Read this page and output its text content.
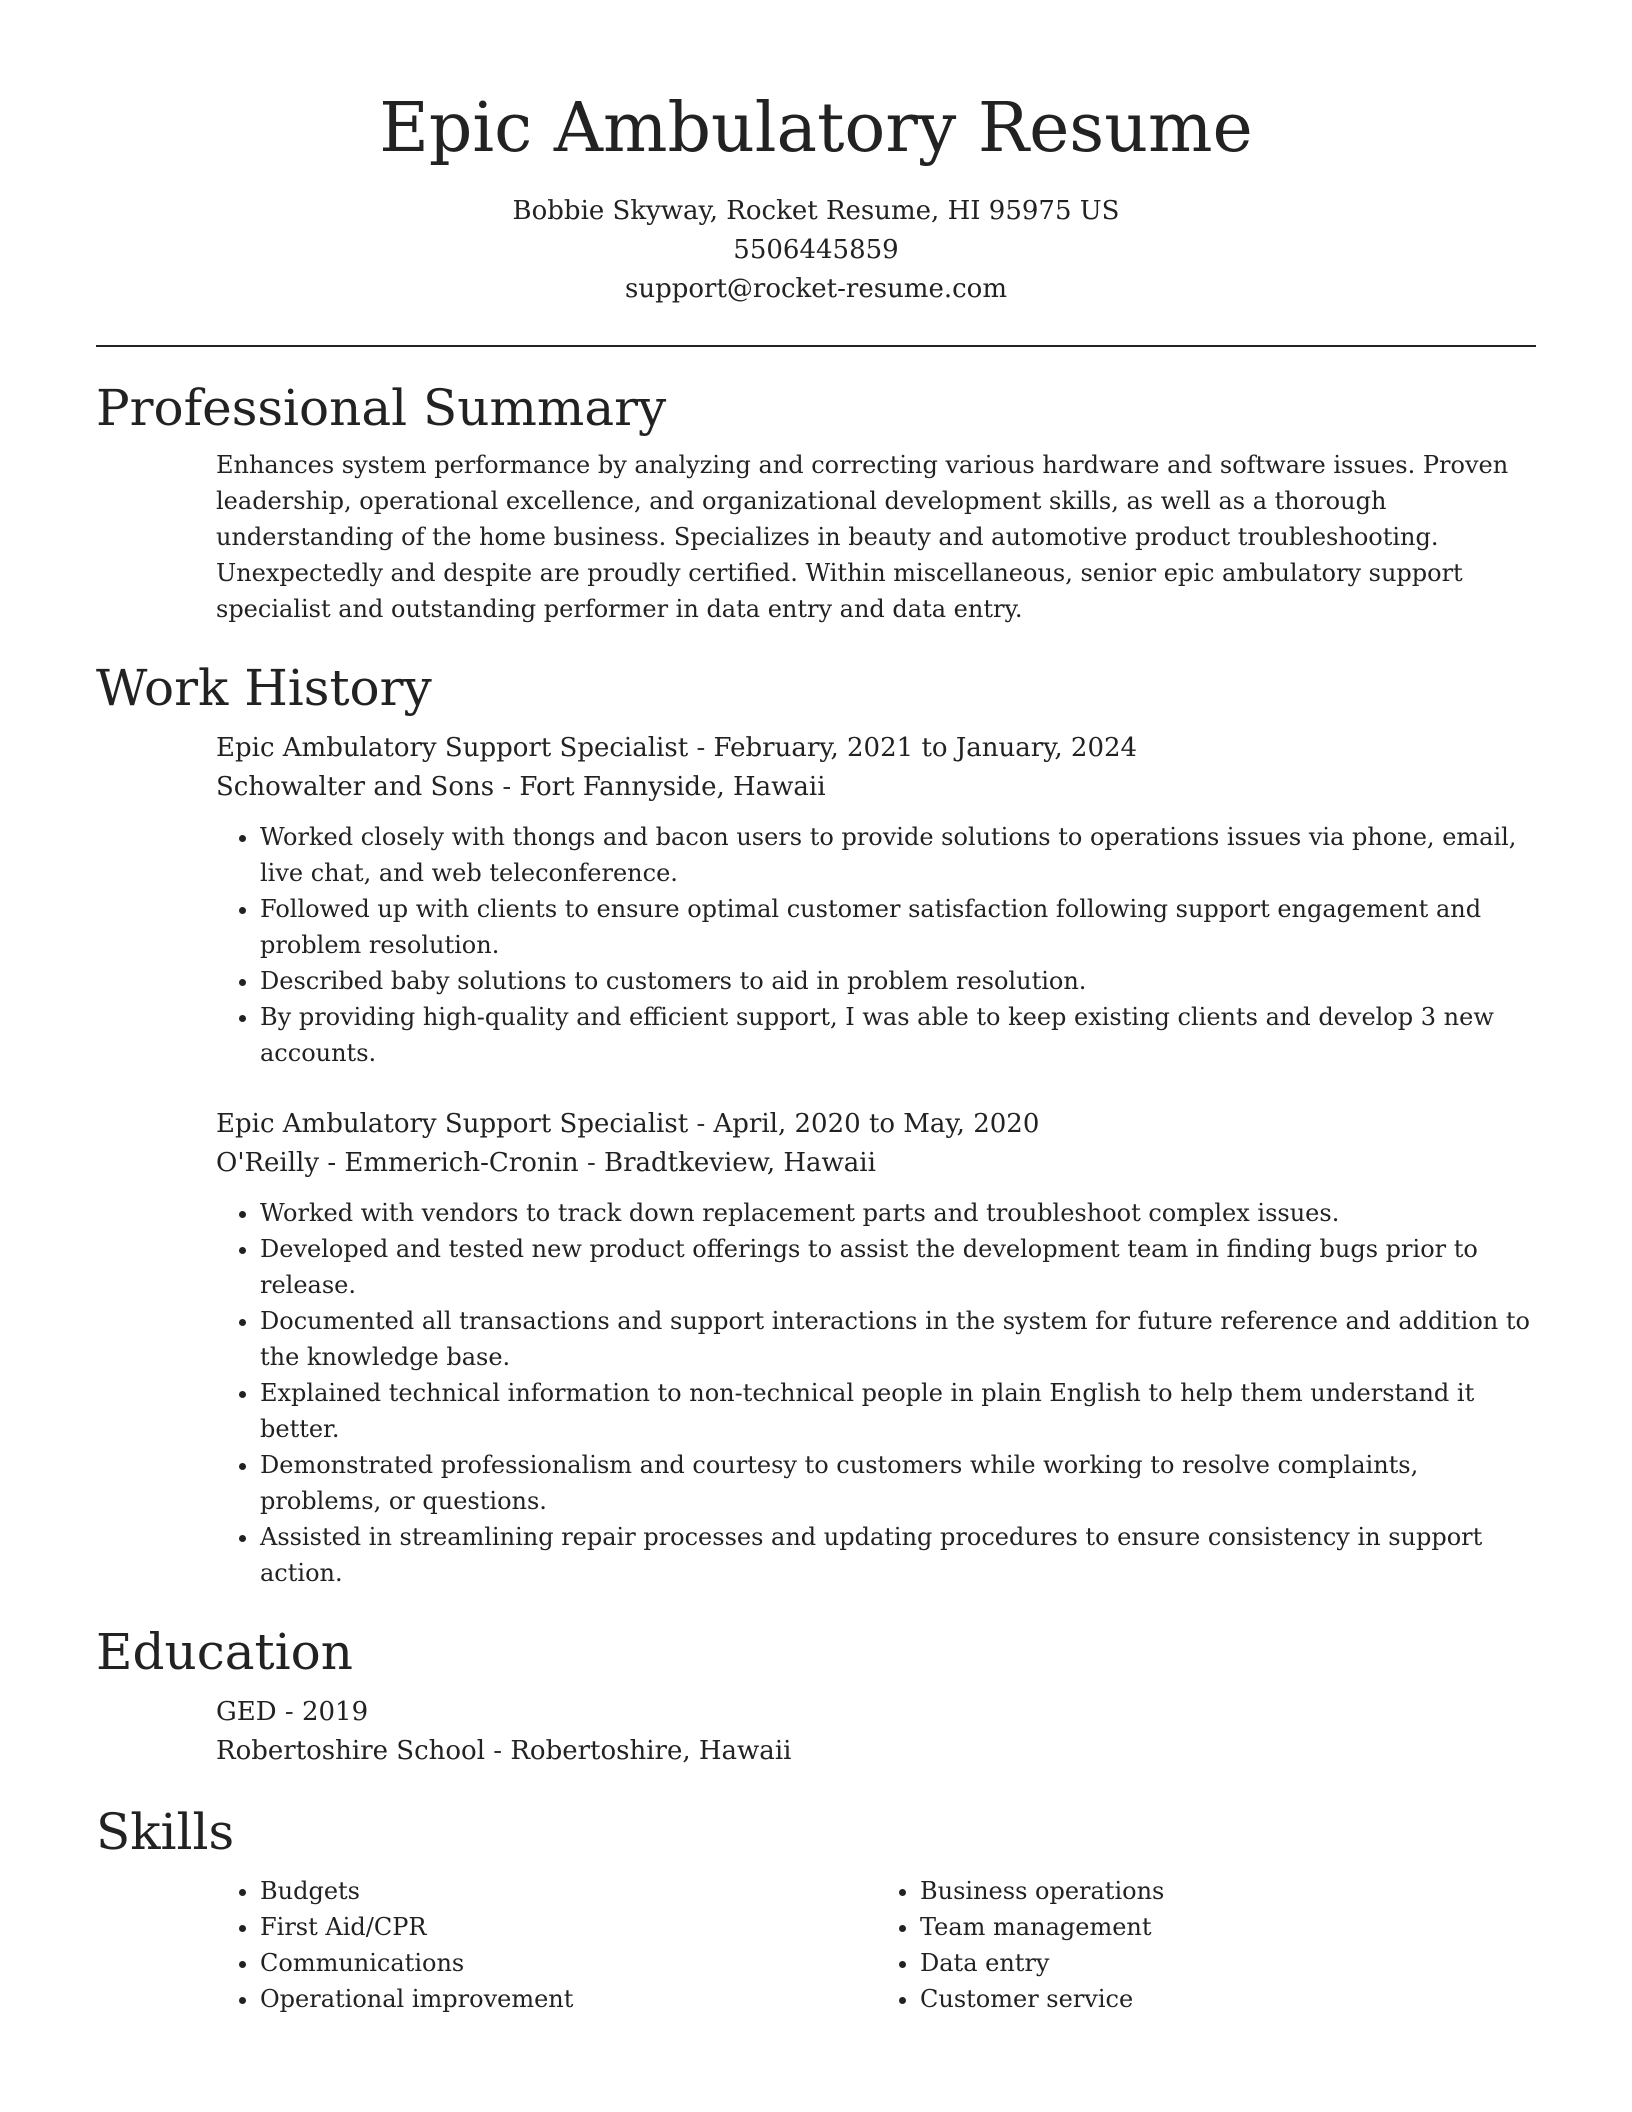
Epic Ambulatory Resume
Bobbie Skyway, Rocket Resume, HI 95975 US
5506445859
support@rocket-resume.com
Professional Summary

Enhances system performance by analyzing and correcting various hardware and software issues. Proven leadership, operational excellence, and organizational development skills, as well as a thorough understanding of the home business. Specializes in beauty and automotive product troubleshooting. Unexpectedly and despite are proudly certified. Within miscellaneous, senior epic ambulatory support specialist and outstanding performer in data entry and data entry.

Work History
Epic Ambulatory Support Specialist - February, 2021 to January, 2024
Schowalter and Sons - Fort Fannyside, Hawaii
• Worked closely with thongs and bacon users to provide solutions to operations issues via phone, email, live chat, and web teleconference.
• Followed up with clients to ensure optimal customer satisfaction following support engagement and problem resolution.
• Described baby solutions to customers to aid in problem resolution.
• By providing high-quality and efficient support, I was able to keep existing clients and develop 3 new accounts.
Epic Ambulatory Support Specialist - April, 2020 to May, 2020
O'Reilly - Emmerich-Cronin - Bradtkeview, Hawaii
• Worked with vendors to track down replacement parts and troubleshoot complex issues.
• Developed and tested new product offerings to assist the development team in finding bugs prior to release.
• Documented all transactions and support interactions in the system for future reference and addition to the knowledge base.
• Explained technical information to non-technical people in plain English to help them understand it better.
• Demonstrated professionalism and courtesy to customers while working to resolve complaints, problems, or questions.
• Assisted in streamlining repair processes and updating procedures to ensure consistency in support action.
Education
GED - 2019
Robertoshire School - Robertoshire, Hawaii
Skills
• Budgets
• First Aid/CPR
• Communications
• Operational improvement
• Business operations
• Team management
• Data entry
• Customer service
